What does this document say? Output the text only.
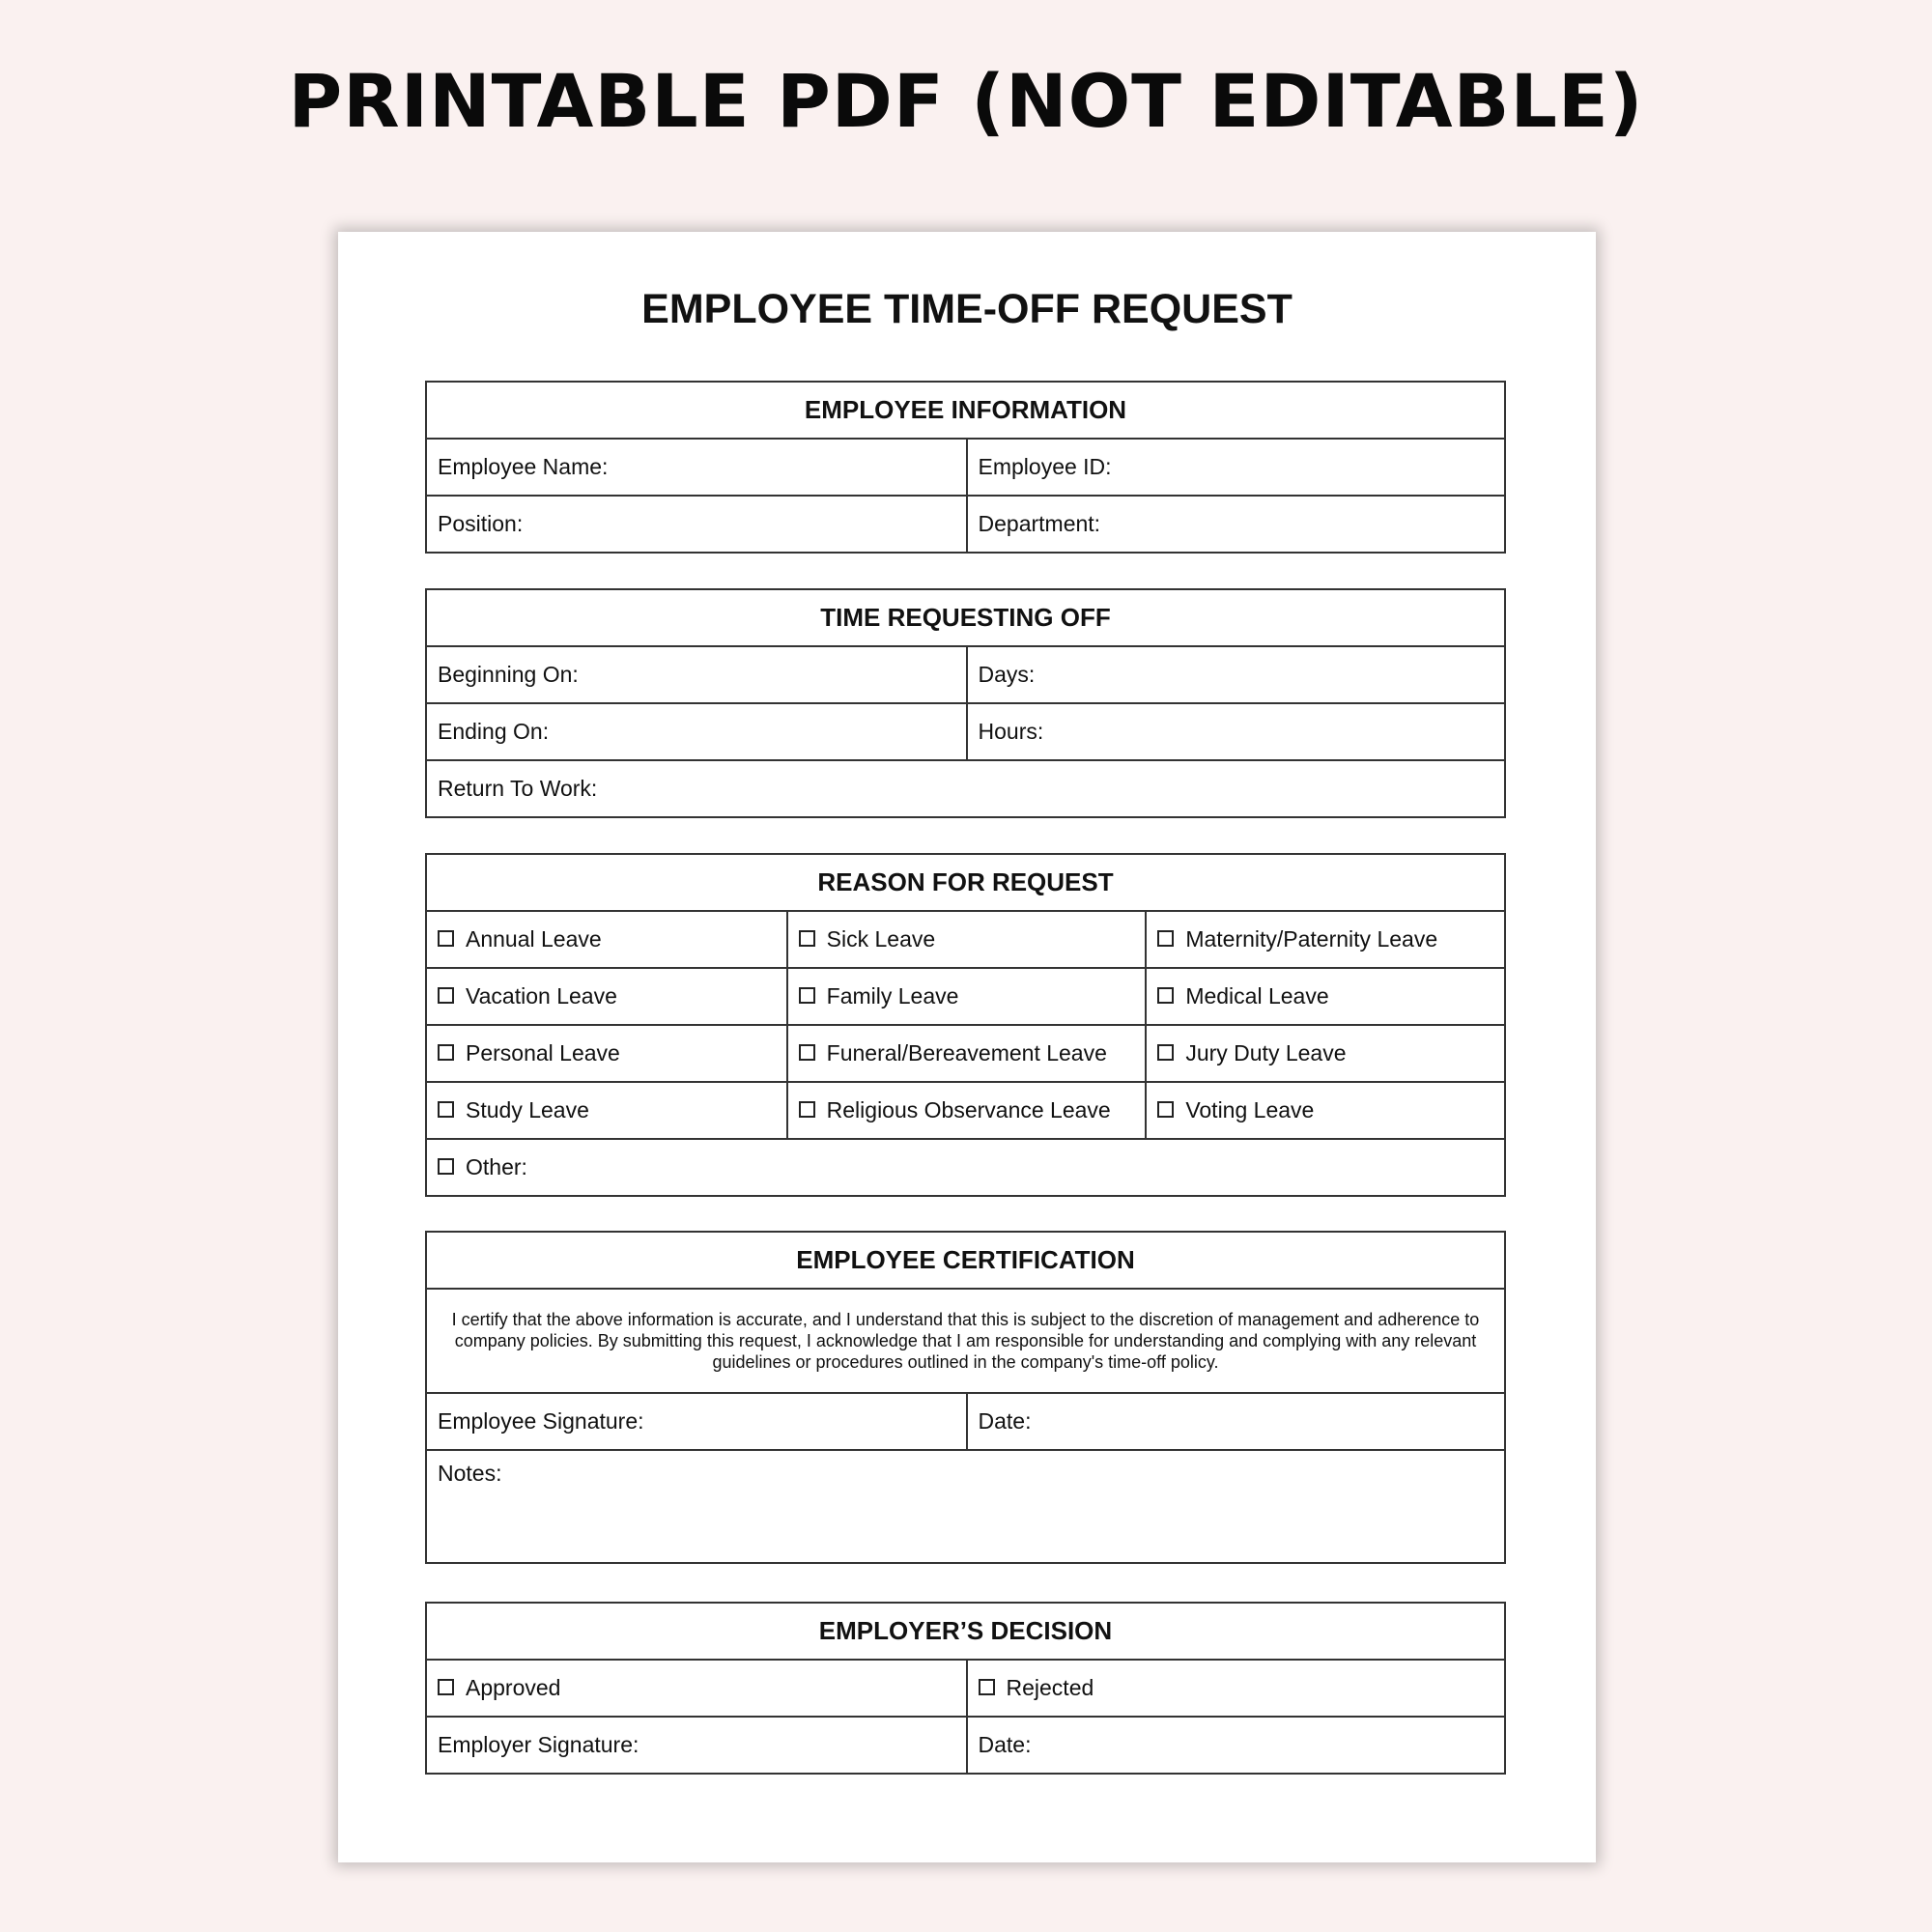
PRINTABLE PDF (NOT EDITABLE)
EMPLOYEE TIME-OFF REQUEST
EMPLOYEE INFORMATION
Employee Name:	Employee ID:
Position:	Department:
TIME REQUESTING OFF
Beginning On:	Days:
Ending On:	Hours:
Return To Work:
REASON FOR REQUEST
Annual Leave	Sick Leave	Maternity/Paternity Leave
Vacation Leave	Family Leave	Medical Leave
Personal Leave	Funeral/Bereavement Leave	Jury Duty Leave
Study Leave	Religious Observance Leave	Voting Leave
Other:
EMPLOYEE CERTIFICATION
I certify that the above information is accurate, and I understand that this is subject to the discretion of management and adherence to company policies. By submitting this request, I acknowledge that I am responsible for understanding and complying with any relevant guidelines or procedures outlined in the company's time-off policy.
Employee Signature:	Date:
Notes:
EMPLOYER’S DECISION
Approved	Rejected
Employer Signature:	Date:
